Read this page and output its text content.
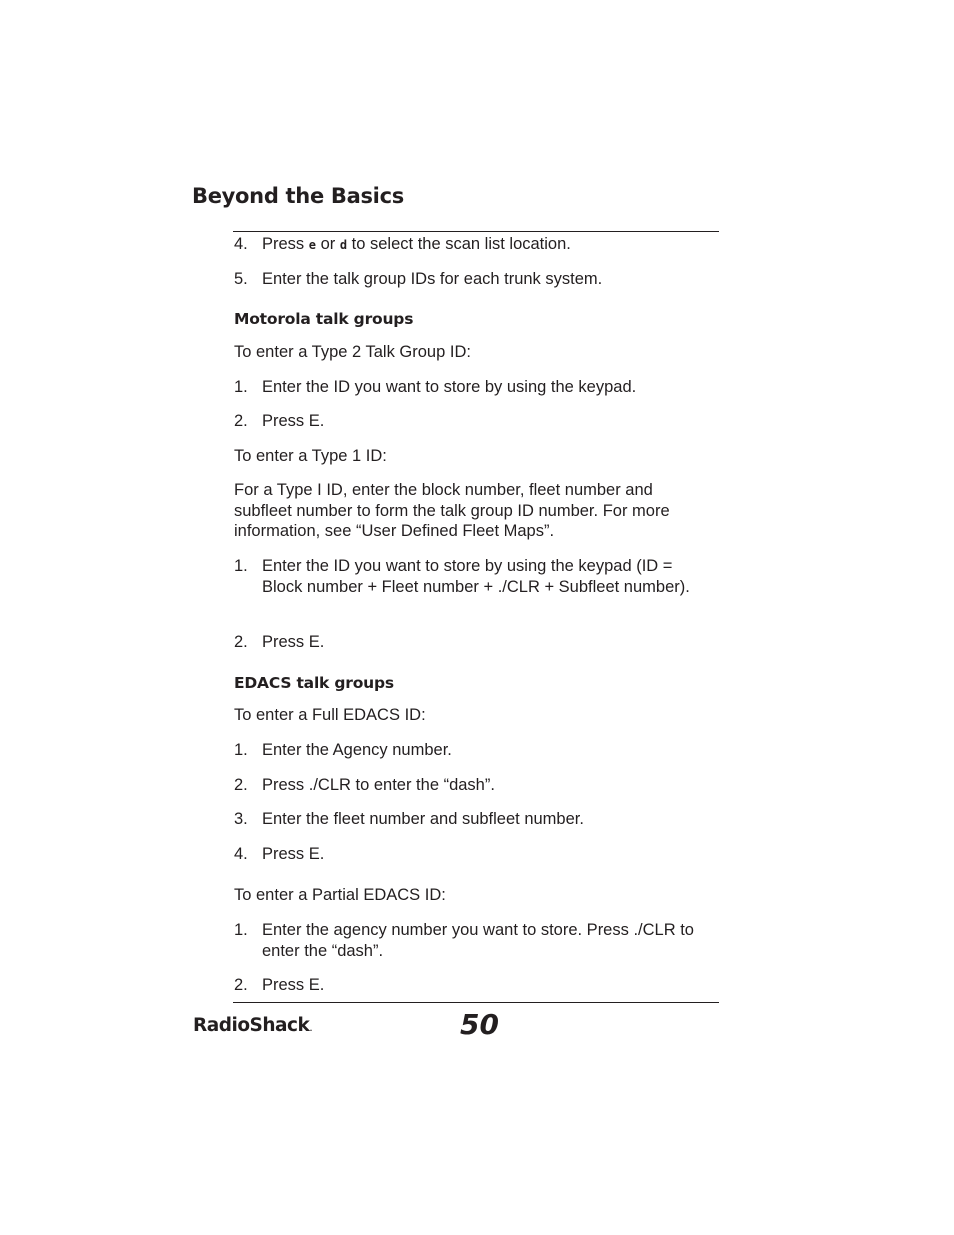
Beyond the Basics
4. Press e or d to select the scan list location.
5. Enter the talk group IDs for each trunk system.
Motorola talk groups

To enter a Type 2 Talk Group ID:

1. Enter the ID you want to store by using the keypad.
2. Press E.

To enter a Type 1 ID:

For a Type I ID, enter the block number, fleet number and subfleet number to form the talk group ID number. For more information, see “User Defined Fleet Maps”.

1. Enter the ID you want to store by using the keypad (ID = Block number + Fleet number + ./CLR + Subfleet number).
2. Press E.
EDACS talk groups

To enter a Full EDACS ID:

1. Enter the Agency number.
2. Press ./CLR to enter the “dash”.
3. Enter the fleet number and subfleet number.
4. Press E.

To enter a Partial EDACS ID:

1. Enter the agency number you want to store. Press ./CLR to enter the “dash”.
2. Press E.
RadioShack.	50
